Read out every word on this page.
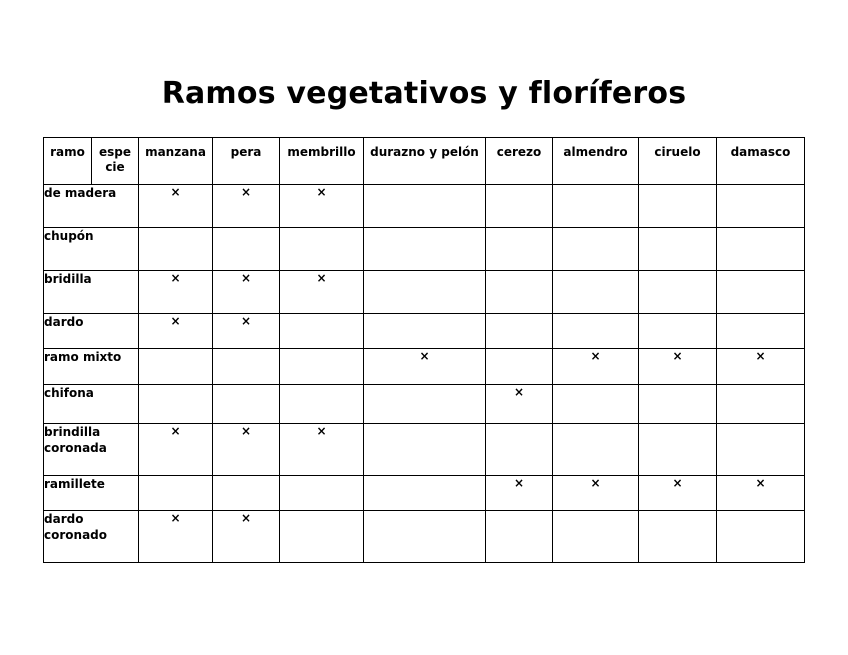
Ramos vegetativos y floríferos
ramo	espe cie	manzana	pera	membrillo	durazno y pelón	cerezo	almendro	ciruelo	damasco
de madera		×	×	×					
chupón									
bridilla		×	×	×					
dardo		×	×						
ramo mixto					×		×	×	×
chifona						×			
brindilla coronada		×	×	×					
ramillete						×	×	×	×
dardo coronado		×	×						
